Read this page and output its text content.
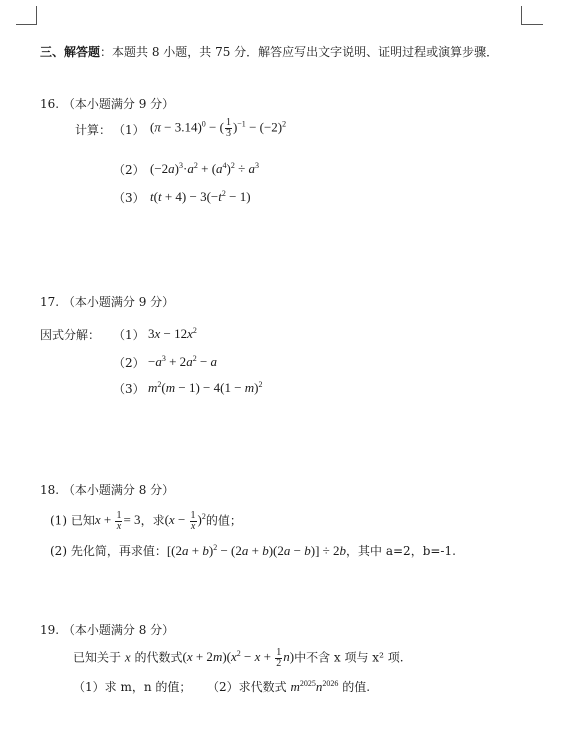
三、解答题：本题共 8 小题，共 75 分．解答应写出文字说明、证明过程或演算步骤．
16. （本小题满分 9 分）
计算： （1） $(\pi - 3.14)^0$ − ( $\frac{1}{3} )^{-1} - (-2)^2$
（2） $(-2a)^3\cdot a^2 + (a^4)^2 \div a^3$
（3） $t(t + 4) - 3(-t^2 - 1)$
17. （本小题满分 9 分）
因式分解： （1） $3x - 12x^2$
$(2) -a^3 + 2a^2 - a$
（3） $m^2(m - 1) - 4(1 - m)^2$
18. （本小题满分 8 分）
(1) 已知$x + \frac{1}{x} = 3$，求$(x - \frac{1}{x} )^2$的值；
(2) 先化简，再求值：$[(2a + b)^2 - (2a + b)(2a - b)] \div 2b$，其中 a=2，b=-1.
19. （本小题满分 8 分）
已知关于 x 的代数式$(x + 2m)(x^2 - x + \frac{1}{2} n)$中不含 x 项与 x² 项.
（1）求 m，n 的值； （2）求代数式 $m^{2025}n^{2026}$ 的值.
